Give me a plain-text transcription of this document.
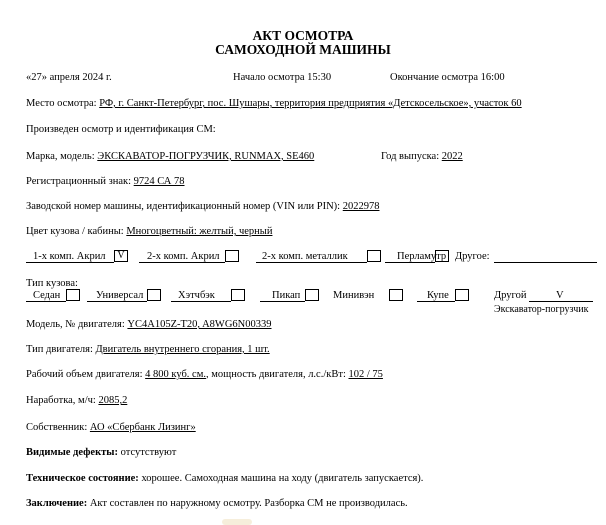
АКТ ОСМОТРА
САМОХОДНОЙ МАШИНЫ
«27» апреля 2024 г.	Начало осмотра 15:30	Окончание осмотра 16:00
Место осмотра: РФ, г. Санкт-Петербург, пос. Шушары, территория предприятия «Детскосельское», участок 60
Произведен осмотр и идентификация СМ:
Марка, модель: ЭКСКАВАТОР-ПОГРУЗЧИК, RUNMAX, SE460	Год выпуска: 2022
Регистрационный знак: 9724 СА 78
Заводской номер машины, идентификационный номер (VIN или PIN): 2022978
Цвет кузова / кабины: Многоцветный: желтый, черный
1-х комп. Акрил	V	2-х комп. Акрил	2-х комп. металлик	Перламутр Другое:
Тип кузова:
Седан	Универсал	Хэтчбэк	Пикап	Минивэн	Купе	Другой	V
Экскаватор-погрузчик
Модель, № двигателя: YC4A105Z-T20, A8WG6N00339
Тип двигателя: Двигатель внутреннего сгорания, 1 шт.
Рабочий объем двигателя: 4 800 куб. см., мощность двигателя, л.с./кВт: 102 / 75
Наработка, м/ч: 2085,2
Собственник: АО «Сбербанк Лизинг»
Видимые дефекты: отсутствуют
Техническое состояние: хорошее. Самоходная машина на ходу (двигатель запускается).
Заключение: Акт составлен по наружному осмотру. Разборка СМ не производилась.
